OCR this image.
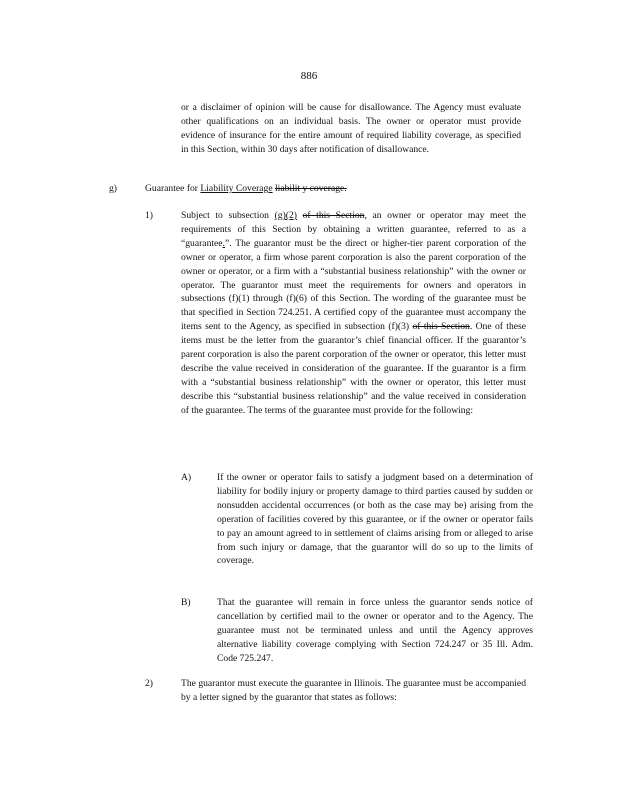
886
or a disclaimer of opinion will be cause for disallowance. The Agency must evaluate other qualifications on an individual basis. The owner or operator must provide evidence of insurance for the entire amount of required liability coverage, as specified in this Section, within 30 days after notification of disallowance.
g)	Guarantee for Liability Coverage liabilit y coverage.
1)	Subject to subsection (g)(2) of this Section, an owner or operator may meet the requirements of this Section by obtaining a written guarantee, referred to as a “guarantee.”. The guarantor must be the direct or higher-tier parent corporation of the owner or operator, a firm whose parent corporation is also the parent corporation of the owner or operator, or a firm with a “substantial business relationship” with the owner or operator. The guarantor must meet the requirements for owners and operators in subsections (f)(1) through (f)(6) of this Section. The wording of the guarantee must be that specified in Section 724.251. A certified copy of the guarantee must accompany the items sent to the Agency, as specified in subsection (f)(3) of this Section. One of these items must be the letter from the guarantor’s chief financial officer. If the guarantor’s parent corporation is also the parent corporation of the owner or operator, this letter must describe the value received in consideration of the guarantee. If the guarantor is a firm with a “substantial business relationship” with the owner or operator, this letter must describe this “substantial business relationship” and the value received in consideration of the guarantee. The terms of the guarantee must provide for the following:
A)	If the owner or operator fails to satisfy a judgment based on a determination of liability for bodily injury or property damage to third parties caused by sudden or nonsudden accidental occurrences (or both as the case may be) arising from the operation of facilities covered by this guarantee, or if the owner or operator fails to pay an amount agreed to in settlement of claims arising from or alleged to arise from such injury or damage, that the guarantor will do so up to the limits of coverage.
B)	That the guarantee will remain in force unless the guarantor sends notice of cancellation by certified mail to the owner or operator and to the Agency. The guarantee must not be terminated unless and until the Agency approves alternative liability coverage complying with Section 724.247 or 35 Ill. Adm. Code 725.247.
2)	The guarantor must execute the guarantee in Illinois. The guarantee must be accompanied by a letter signed by the guarantor that states as follows:
